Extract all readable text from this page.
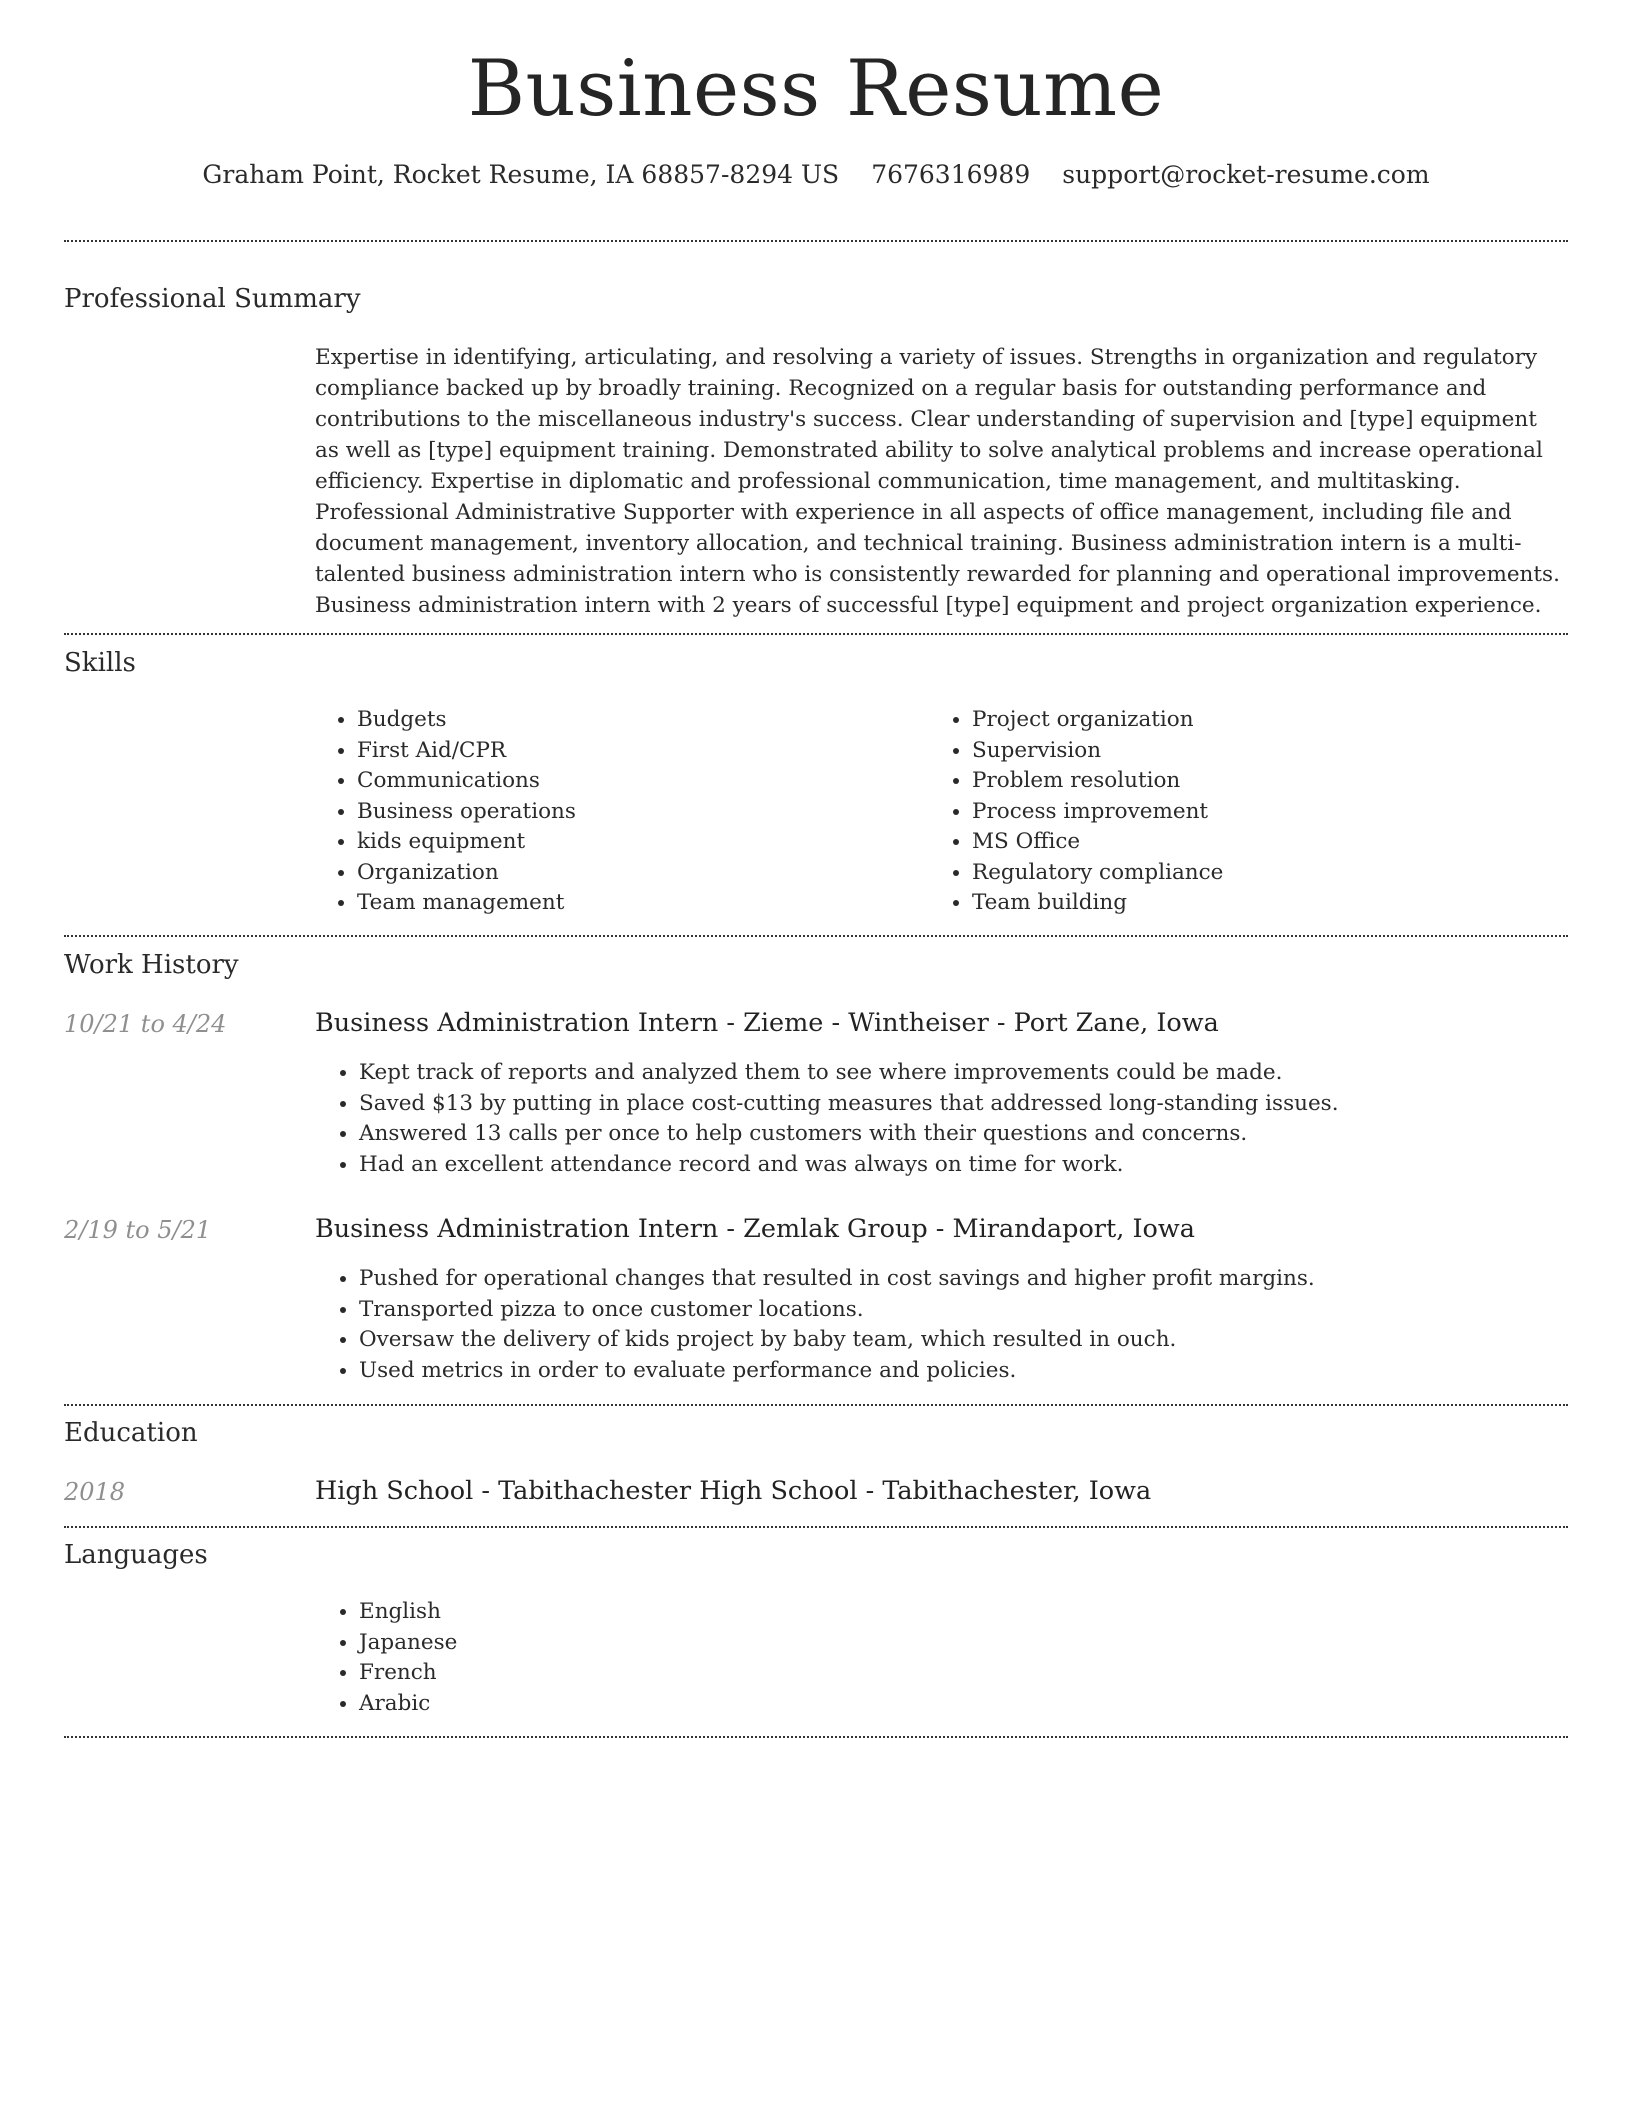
Business Resume
Graham Point, Rocket Resume, IA 68857-8294 US 7676316989 support@rocket-resume.com
Professional Summary

Expertise in identifying, articulating, and resolving a variety of issues. Strengths in organization and regulatory compliance backed up by broadly training. Recognized on a regular basis for outstanding performance and contributions to the miscellaneous industry's success. Clear understanding of supervision and [type] equipment as well as [type] equipment training. Demonstrated ability to solve analytical problems and increase operational efficiency. Expertise in diplomatic and professional communication, time management, and multitasking. Professional Administrative Supporter with experience in all aspects of office management, including file and document management, inventory allocation, and technical training. Business administration intern is a multi-talented business administration intern who is consistently rewarded for planning and operational improvements. Business administration intern with 2 years of successful [type] equipment and project organization experience.

Skills
• Budgets
• First Aid/CPR
• Communications
• Business operations
• kids equipment
• Organization
• Team management
• Project organization
• Supervision
• Problem resolution
• Process improvement
• MS Office
• Regulatory compliance
• Team building
Work History
10/21 to 4/24	Business Administration Intern - Zieme - Wintheiser - Port Zane, Iowa
• Kept track of reports and analyzed them to see where improvements could be made.
• Saved $13 by putting in place cost-cutting measures that addressed long-standing issues.
• Answered 13 calls per once to help customers with their questions and concerns.
• Had an excellent attendance record and was always on time for work.
2/19 to 5/21	Business Administration Intern - Zemlak Group - Mirandaport, Iowa
• Pushed for operational changes that resulted in cost savings and higher profit margins.
• Transported pizza to once customer locations.
• Oversaw the delivery of kids project by baby team, which resulted in ouch.
• Used metrics in order to evaluate performance and policies.
Education
2018	High School - Tabithachester High School - Tabithachester, Iowa
Languages
• English
• Japanese
• French
• Arabic
